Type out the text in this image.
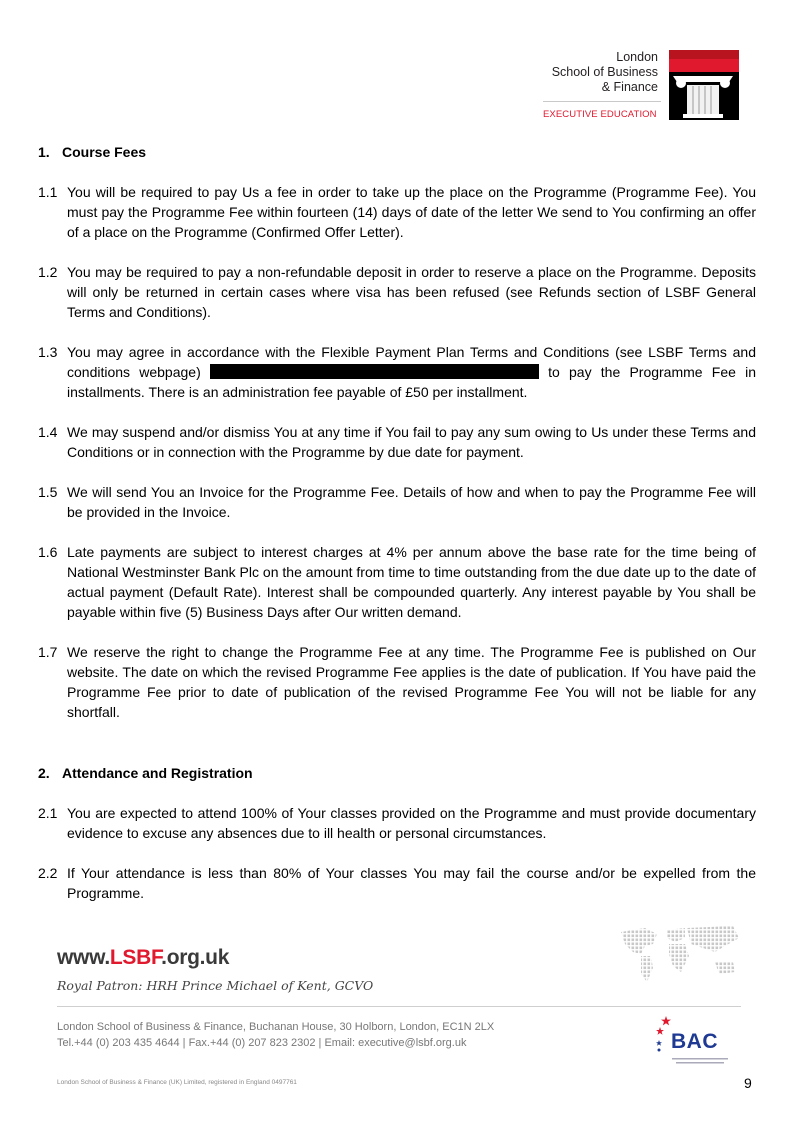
London
School of Business
& Finance
EXECUTIVE EDUCATION

1. Course Fees

1.1 You will be required to pay Us a fee in order to take up the place on the Programme (Programme Fee). You must pay the Programme Fee within fourteen (14) days of date of the letter We send to You confirming an offer of a place on the Programme (Confirmed Offer Letter).

1.2 You may be required to pay a non-refundable deposit in order to reserve a place on the Programme. Deposits will only be returned in certain cases where visa has been refused (see Refunds section of LSBF General Terms and Conditions).

1.3 You may agree in accordance with the Flexible Payment Plan Terms and Conditions (see LSBF Terms and conditions webpage)	to pay the Programme Fee in installments. There is an administration fee payable of £50 per installment.

1.4 We may suspend and/or dismiss You at any time if You fail to pay any sum owing to Us under these Terms and Conditions or in connection with the Programme by due date for payment.

1.5 We will send You an Invoice for the Programme Fee. Details of how and when to pay the Programme Fee will be provided in the Invoice.

1.6 Late payments are subject to interest charges at 4% per annum above the base rate for the time being of National Westminster Bank Plc on the amount from time to time outstanding from the due date up to the date of actual payment (Default Rate). Interest shall be compounded quarterly. Any interest payable by You shall be payable within five (5) Business Days after Our written demand.

1.7 We reserve the right to change the Programme Fee at any time. The Programme Fee is published on Our website. The date on which the revised Programme Fee applies is the date of publication. If You have paid the Programme Fee prior to date of publication of the revised Programme Fee You will not be liable for any shortfall.

2. Attendance and Registration

2.1 You are expected to attend 100% of Your classes provided on the Programme and must provide documentary evidence to excuse any absences due to ill health or personal circumstances.

2.2 If Your attendance is less than 80% of Your classes You may fail the course and/or be expelled from the Programme.

www.LSBF.org.uk
Royal Patron: HRH Prince Michael of Kent, GCVO
London School of Business & Finance, Buchanan House, 30 Holborn, London, EC1N 2LX
Tel.+44 (0) 203 435 4644 | Fax.+44 (0) 207 823 2302 | Email: executive@lsbf.org.uk	BAC
London School of Business & Finance (UK) Limited, registered in England 0497761	9
